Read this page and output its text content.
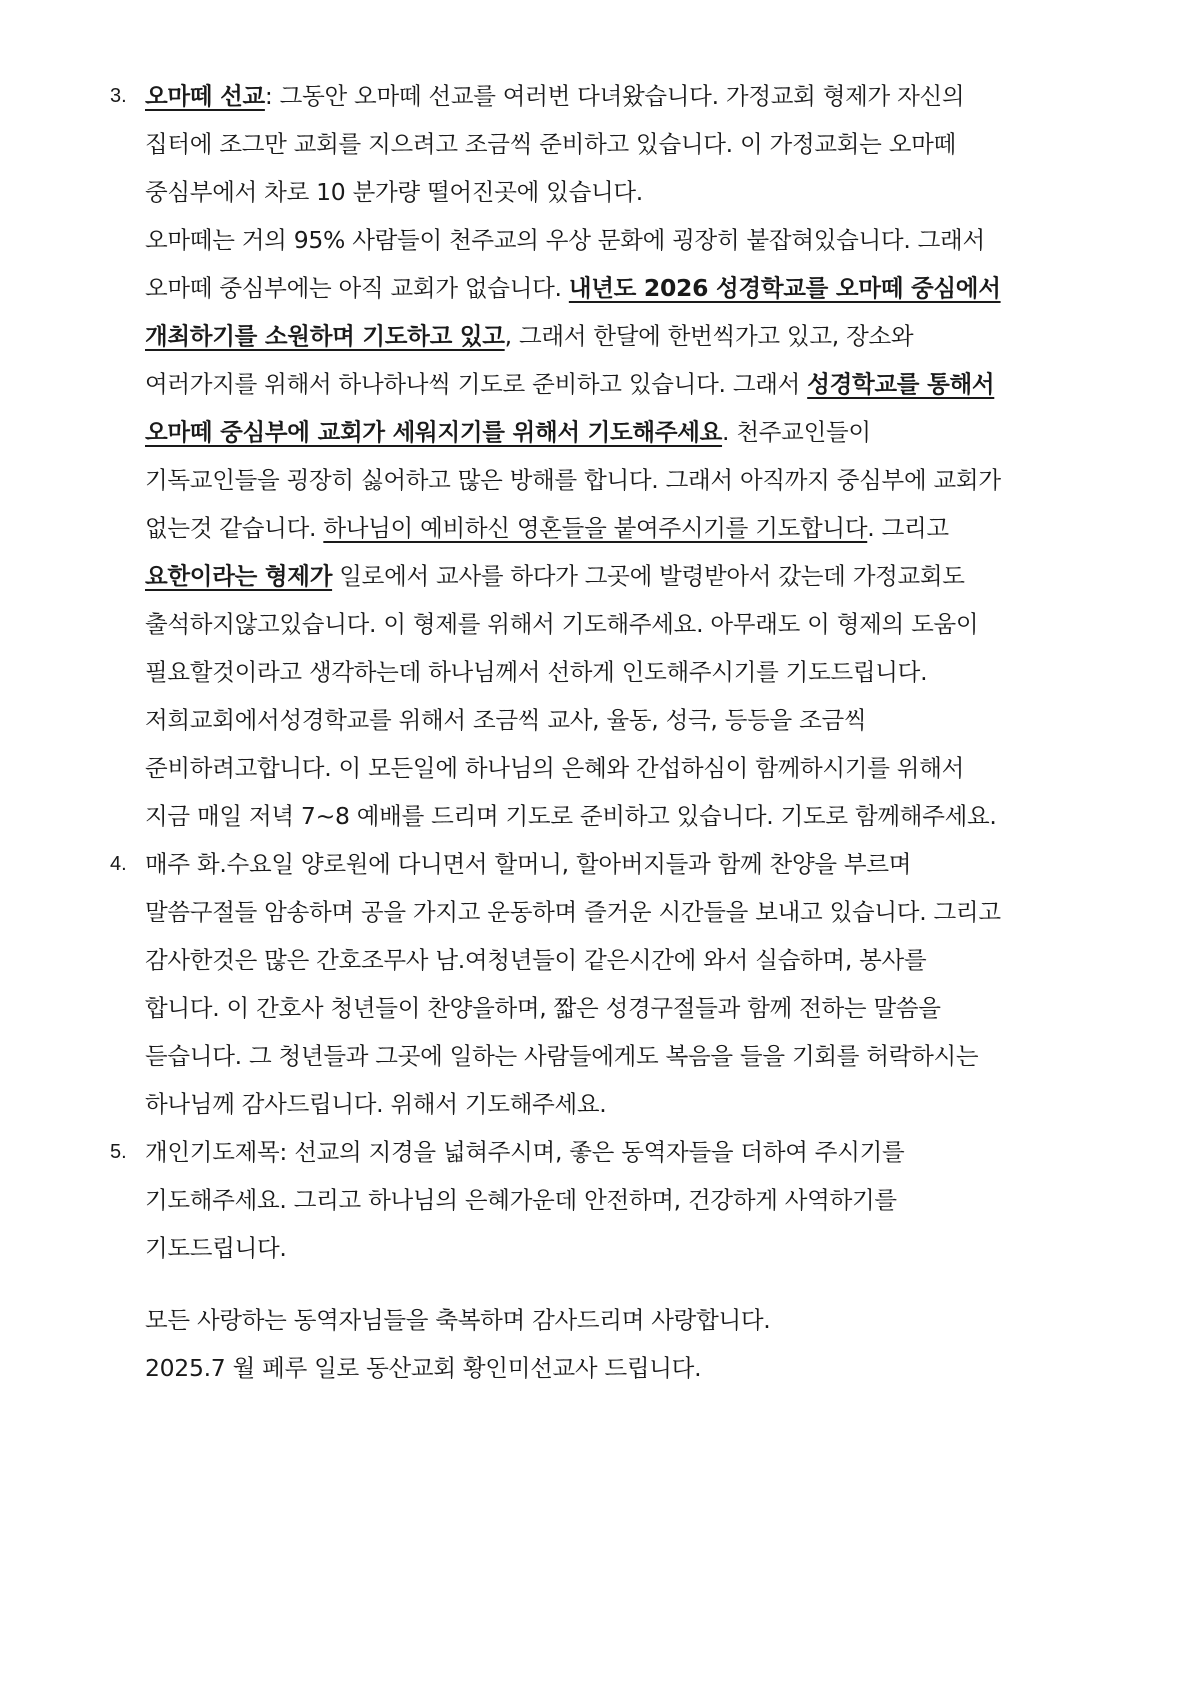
3. 오마떼 선교: 그동안 오마떼 선교를 여러번 다녀왔습니다. 가정교회 형제가 자신의
집터에 조그만 교회를 지으려고 조금씩 준비하고 있습니다. 이 가정교회는 오마떼
중심부에서 차로 10 분가량 떨어진곳에 있습니다.
오마떼는 거의 95% 사람들이 천주교의 우상 문화에 굉장히 붙잡혀있습니다. 그래서
오마떼 중심부에는 아직 교회가 없습니다. 내년도 2026 성경학교를 오마떼 중심에서
개최하기를 소원하며 기도하고 있고, 그래서 한달에 한번씩가고 있고, 장소와
여러가지를 위해서 하나하나씩 기도로 준비하고 있습니다. 그래서 성경학교를 통해서
오마떼 중심부에 교회가 세워지기를 위해서 기도해주세요. 천주교인들이
기독교인들을 굉장히 싫어하고 많은 방해를 합니다. 그래서 아직까지 중심부에 교회가
없는것 같습니다. 하나님이 예비하신 영혼들을 붙여주시기를 기도합니다. 그리고
요한이라는 형제가 일로에서 교사를 하다가 그곳에 발령받아서 갔는데 가정교회도
출석하지않고있습니다. 이 형제를 위해서 기도해주세요. 아무래도 이 형제의 도움이
필요할것이라고 생각하는데 하나님께서 선하게 인도해주시기를 기도드립니다.
저희교회에서성경학교를 위해서 조금씩 교사, 율동, 성극, 등등을 조금씩
준비하려고합니다. 이 모든일에 하나님의 은혜와 간섭하심이 함께하시기를 위해서
지금 매일 저녁 7~8 예배를 드리며 기도로 준비하고 있습니다. 기도로 함께해주세요.
4. 매주 화.수요일 양로원에 다니면서 할머니, 할아버지들과 함께 찬양을 부르며
말씀구절들 암송하며 공을 가지고 운동하며 즐거운 시간들을 보내고 있습니다. 그리고
감사한것은 많은 간호조무사 남.여청년들이 같은시간에 와서 실습하며, 봉사를
합니다. 이 간호사 청년들이 찬양을하며, 짧은 성경구절들과 함께 전하는 말씀을
듣습니다. 그 청년들과 그곳에 일하는 사람들에게도 복음을 들을 기회를 허락하시는
하나님께 감사드립니다. 위해서 기도해주세요.
5. 개인기도제목: 선교의 지경을 넓혀주시며, 좋은 동역자들을 더하여 주시기를
기도해주세요. 그리고 하나님의 은혜가운데 안전하며, 건강하게 사역하기를
기도드립니다.
모든 사랑하는 동역자님들을 축복하며 감사드리며 사랑합니다.
2025.7 월 페루 일로 동산교회 황인미선교사 드립니다.
